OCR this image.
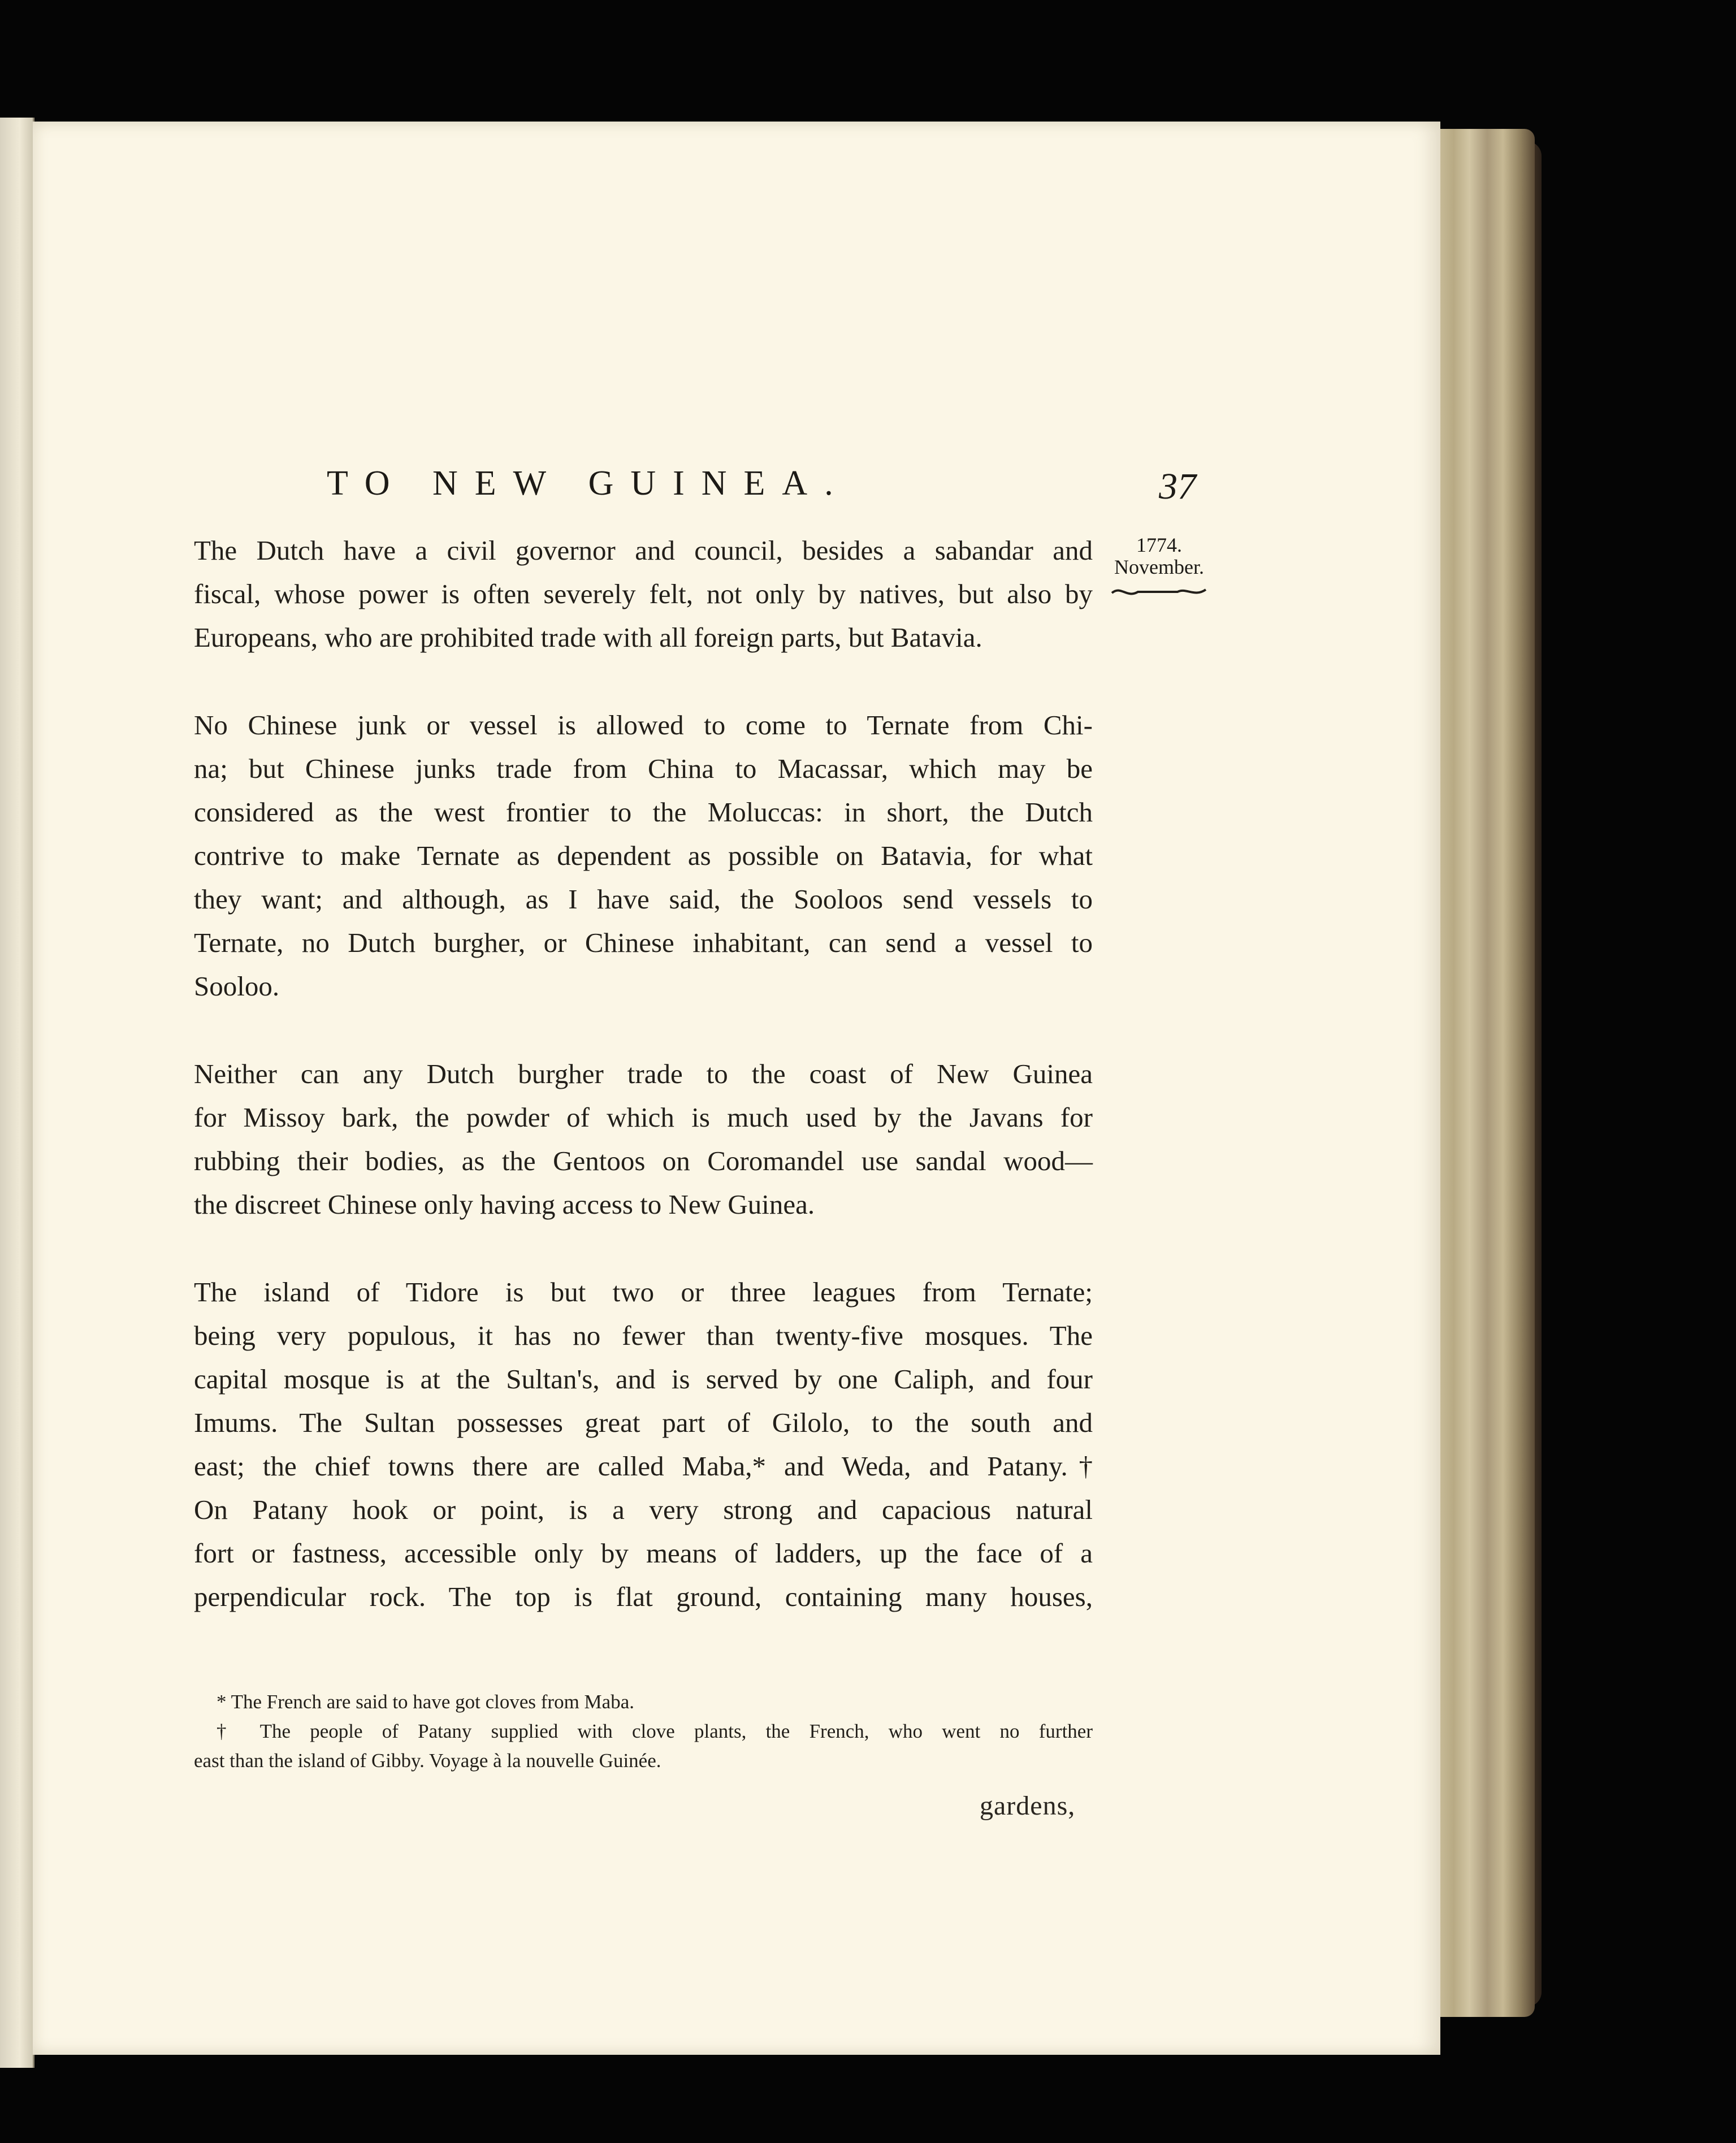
TO NEW GUINEA.	37
1774.
November.
The Dutch have a civil governor and council, besides a sabandar and
fiscal, whose power is often severely felt, not only by natives, but also by
Europeans, who are prohibited trade with all foreign parts, but Batavia.
No Chinese junk or vessel is allowed to come to Ternate from Chi-
na; but Chinese junks trade from China to Macassar, which may be
considered as the west frontier to the Moluccas: in short, the Dutch
contrive to make Ternate as dependent as possible on Batavia, for what
they want; and although, as I have said, the Sooloos send vessels to
Ternate, no Dutch burgher, or Chinese inhabitant, can send a vessel to
Sooloo.
Neither can any Dutch burgher trade to the coast of New Guinea
for Missoy bark, the powder of which is much used by the Javans for
rubbing their bodies, as the Gentoos on Coromandel use sandal wood—
the discreet Chinese only having access to New Guinea.
The island of Tidore is but two or three leagues from Ternate;
being very populous, it has no fewer than twenty-five mosques. The
capital mosque is at the Sultan's, and is served by one Caliph, and four
Imums. The Sultan possesses great part of Gilolo, to the south and
east; the chief towns there are called Maba,* and Weda, and Patany.†
On Patany hook or point, is a very strong and capacious natural
fort or fastness, accessible only by means of ladders, up the face of a
perpendicular rock. The top is flat ground, containing many houses,
* The French are said to have got cloves from Maba.
† The people of Patany supplied with clove plants, the French, who went no further
east than the island of Gibby. Voyage à la nouvelle Guinée.
gardens,
